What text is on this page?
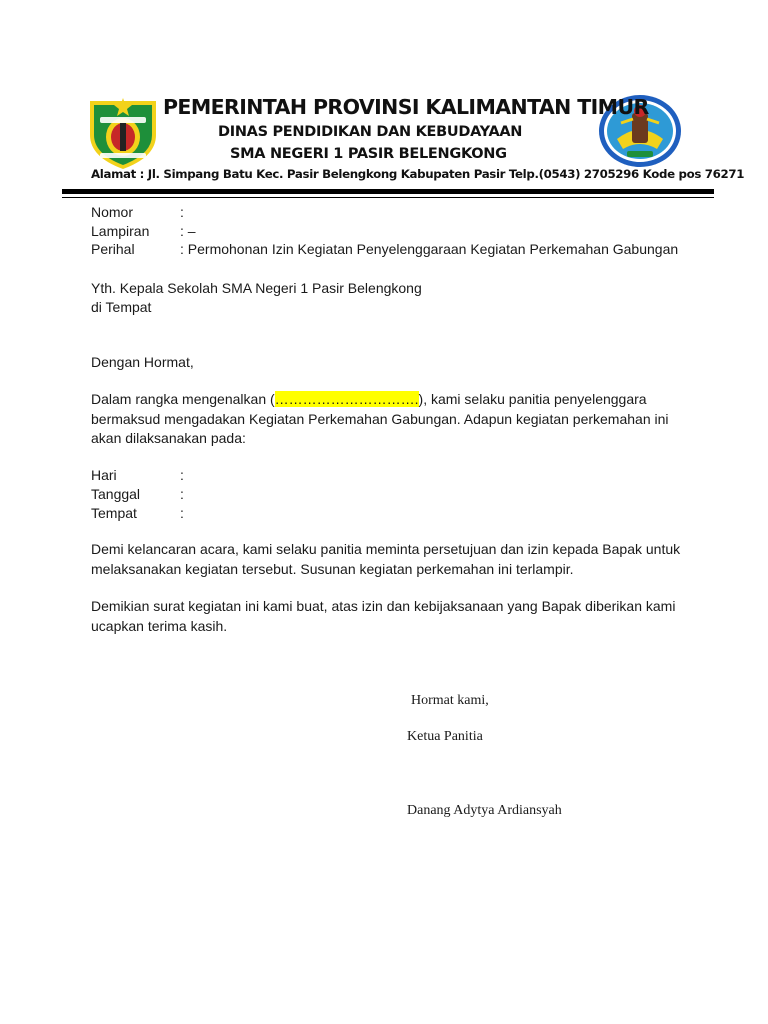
PEMERINTAH PROVINSI KALIMANTAN TIMUR
DINAS PENDIDIKAN DAN KEBUDAYAAN
SMA NEGERI 1 PASIR BELENGKONG
Alamat : Jl. Simpang Batu Kec. Pasir Belengkong Kabupaten Pasir Telp.(0543) 2705296 Kode pos 76271
Nomor	:
Lampiran : –
Perihal	: Permohonan Izin Kegiatan Penyelenggaraan Kegiatan Perkemahan Gabungan
Yth. Kepala Sekolah SMA Negeri 1 Pasir Belengkong
di Tempat
Dengan Hormat,
Dalam rangka mengenalkan (………………………….), kami selaku panitia penyelenggara bermaksud mengadakan Kegiatan Perkemahan Gabungan. Adapun kegiatan perkemahan ini akan dilaksanakan pada:
Hari	:
Tanggal	:
Tempat	:
Demi kelancaran acara, kami selaku panitia meminta persetujuan dan izin kepada Bapak untuk melaksanakan kegiatan tersebut. Susunan kegiatan perkemahan ini terlampir.
Demikian surat kegiatan ini kami buat, atas izin dan kebijaksanaan yang Bapak diberikan kami ucapkan terima kasih.
Hormat kami,
Ketua Panitia
Danang Adytya Ardiansyah
